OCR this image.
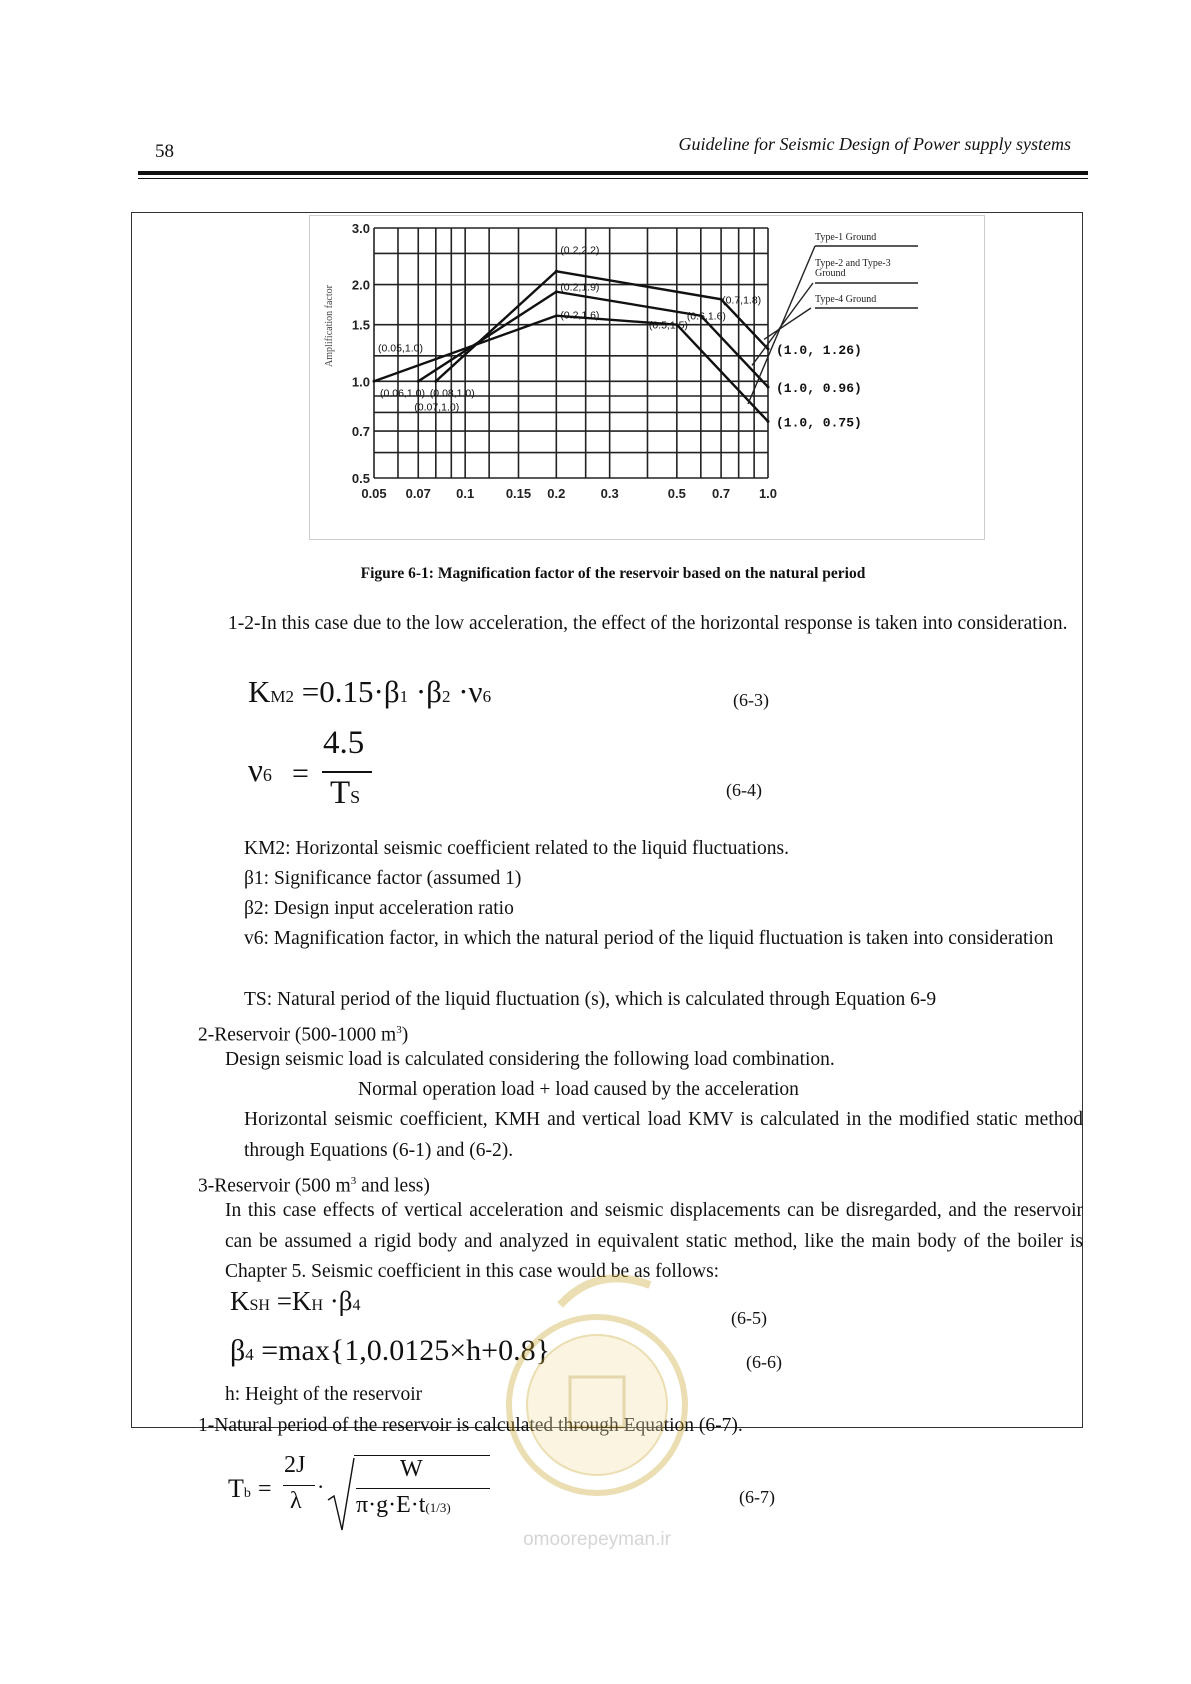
58	Guideline for Seismic Design of Power supply systems
0.05 0.07 0.1 0.15 0.2	0.3	0.5 0.7 1.0
0.5
0.7
1.0
1.5
2.0
3.0
(0.05,1.0)
(0.06,1.0) (0.08,1.0)
(0.07,1.0)
(0.2,2.2)
(0.2,1.9)
(0.2,1.6)
(0.5,1.5)
(0.7,1.8)
(0.6,1.6)
(1.0, 1.26)
(1.0, 0.96)
(1.0, 0.75)
Type-1 Ground
Type-2 and Type-3
Ground
Type-4 Ground
Amplification factor
Figure 6-1: Magnification factor of the reservoir based on the natural period
1-2-In this case due to the low acceleration, the effect of the horizontal response is taken into consideration.
KM2 =0.15·β1 ·β2 ·ν6	(6-3)
ν6 =
4.5
TS	(6-4)
KM2: Horizontal seismic coefficient related to the liquid fluctuations.
β1: Significance factor (assumed 1)
β2: Design input acceleration ratio
v6: Magnification factor, in which the natural period of the liquid fluctuation is taken into consideration
TS: Natural period of the liquid fluctuation (s), which is calculated through Equation 6-9
2-Reservoir (500-1000 $m^3$)
Design seismic load is calculated considering the following load combination.
Normal operation load + load caused by the acceleration
Horizontal seismic coefficient, KMH and vertical load KMV is calculated in the modified static method through Equations (6-1) and (6-2).
3-Reservoir (500 $m^3$ and less)
In this case effects of vertical acceleration and seismic displacements can be disregarded, and the reservoir can be assumed a rigid body and analyzed in equivalent static method, like the main body of the boiler is Chapter 5. Seismic coefficient in this case would be as follows:
KSH =KH ·β4
(6-5)
β4 =max{1,0.0125×h+0.8}	(6-6)
h: Height of the reservoir
1-Natural period of the reservoir is calculated through Equation (6-7).
Tb =
2J
λ
·
W
π·g·E·t(1/3)
(6-7)
omoorepeyman.ir
